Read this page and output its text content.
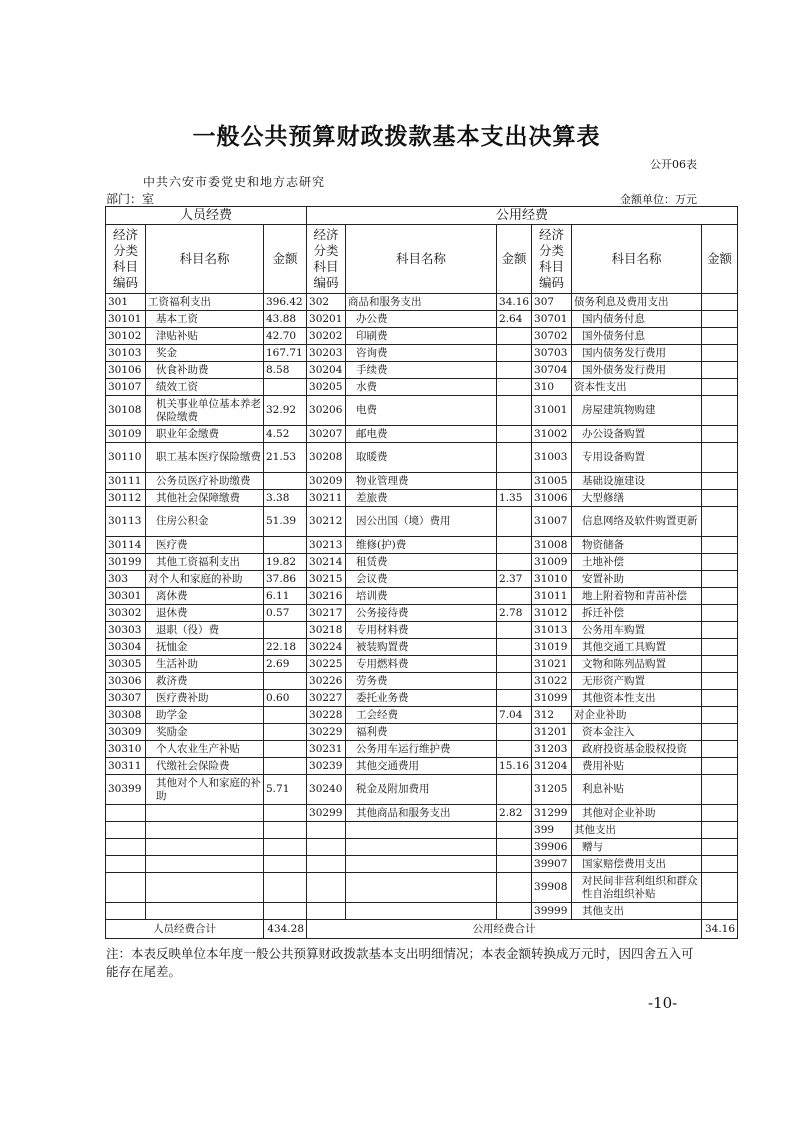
一般公共预算财政拨款基本支出决算表
公开06表
中共六安市委党史和地方志研究
部门：室	金额单位：万元
人员经费			公用经费					
经济
分类
科目
编码	科目名称	金额	经济
分类
科目
编码	科目名称	金额	经济
分类
科目
编码	科目名称	金额
301	工资福利支出	396.42	302	商品和服务支出	34.16	307	债务利息及费用支出	
30101	基本工资	43.88	30201	办公费	2.64	30701	国内债务付息	
30102	津贴补贴	42.70	30202	印刷费		30702	国外债务付息	
30103	奖金	167.71	30203	咨询费		30703	国内债务发行费用	
30106	伙食补助费	8.58	30204	手续费		30704	国外债务发行费用	
30107	绩效工资		30205	水费		310	资本性支出	
30108	机关事业单位基本养老保险缴费	32.92	30206	电费		31001	房屋建筑物购建	
30109	职业年金缴费	4.52	30207	邮电费		31002	办公设备购置	
30110	职工基本医疗保险缴费	21.53	30208	取暖费		31003	专用设备购置	
30111	公务员医疗补助缴费		30209	物业管理费		31005	基础设施建设	
30112	其他社会保障缴费	3.38	30211	差旅费	1.35	31006	大型修缮	
30113	住房公积金	51.39	30212	因公出国（境）费用		31007	信息网络及软件购置更新	
30114	医疗费		30213	维修(护)费		31008	物资储备	
30199	其他工资福利支出	19.82	30214	租赁费		31009	土地补偿	
303	对个人和家庭的补助	37.86	30215	会议费	2.37	31010	安置补助	
30301	离休费	6.11	30216	培训费		31011	地上附着物和青苗补偿	
30302	退休费	0.57	30217	公务接待费	2.78	31012	拆迁补偿	
30303	退职（役）费		30218	专用材料费		31013	公务用车购置	
30304	抚恤金	22.18	30224	被装购置费		31019	其他交通工具购置	
30305	生活补助	2.69	30225	专用燃料费		31021	文物和陈列品购置	
30306	救济费		30226	劳务费		31022	无形资产购置	
30307	医疗费补助	0.60	30227	委托业务费		31099	其他资本性支出	
30308	助学金		30228	工会经费	7.04	312	对企业补助	
30309	奖励金		30229	福利费		31201	资本金注入	
30310	个人农业生产补贴		30231	公务用车运行维护费		31203	政府投资基金股权投资	
30311	代缴社会保险费		30239	其他交通费用	15.16	31204	费用补贴	
30399	其他对个人和家庭的补助	5.71	30240	税金及附加费用		31205	利息补贴	
			30299	其他商品和服务支出	2.82	31299	其他对企业补助	
						399	其他支出	
						39906	赠与	
						39907	国家赔偿费用支出	
						39908	对民间非营利组织和群众性自治组织补贴	
						39999	其他支出	
人员经费合计		434.28	公用经费合计					34.16
注：本表反映单位本年度一般公共预算财政拨款基本支出明细情况；本表金额转换成万元时，因四舍五入可能存在尾差。
-10-
